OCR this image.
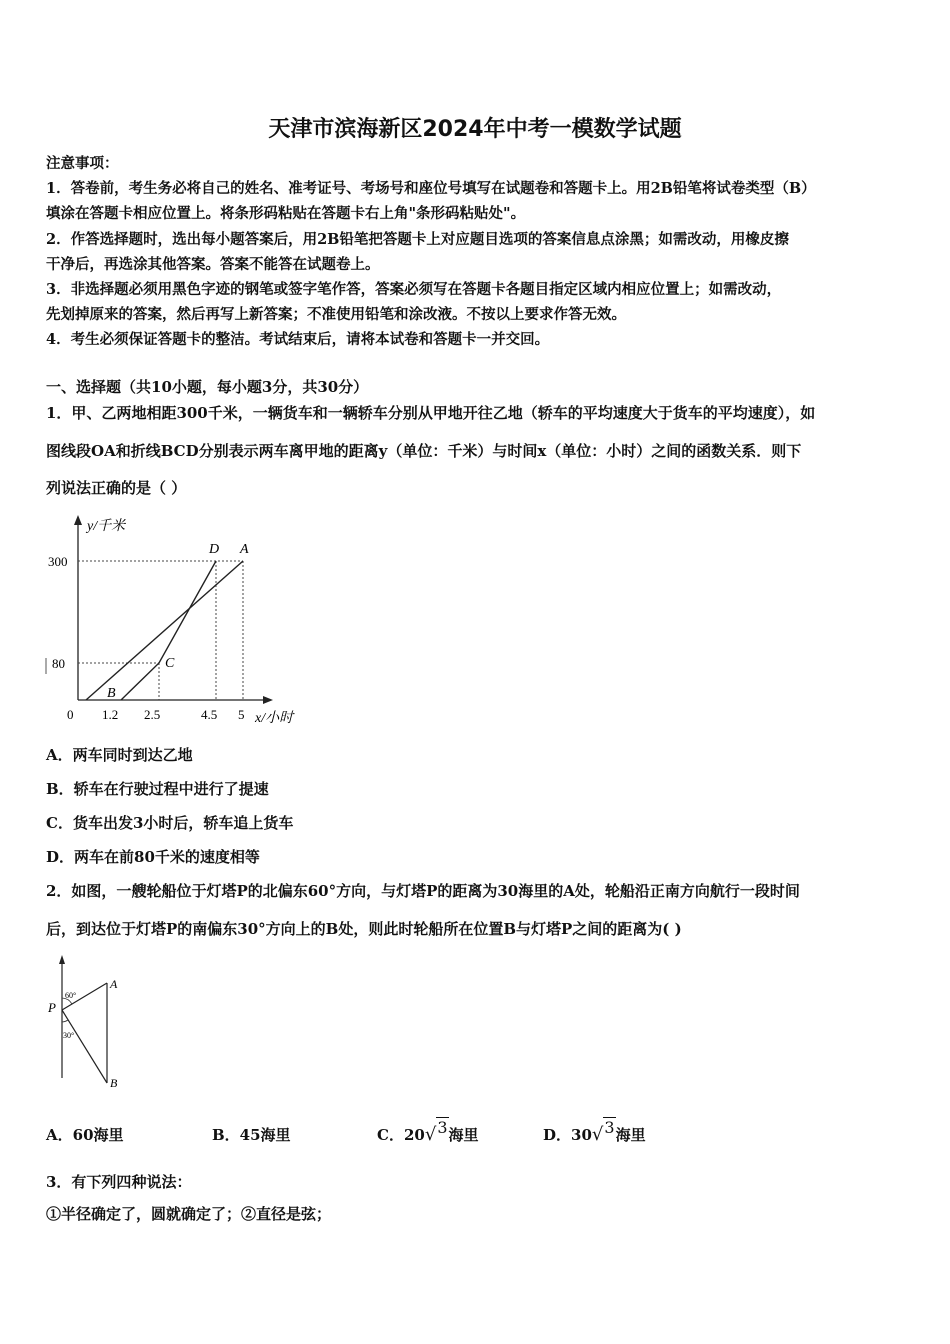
天津市滨海新区2024年中考一模数学试题
注意事项：
1．答卷前，考生务必将自己的姓名、准考证号、考场号和座位号填写在试题卷和答题卡上。用2B铅笔将试卷类型（B）
填涂在答题卡相应位置上。将条形码粘贴在答题卡右上角"条形码粘贴处"。
2．作答选择题时，选出每小题答案后，用2B铅笔把答题卡上对应题目选项的答案信息点涂黑；如需改动，用橡皮擦
干净后，再选涂其他答案。答案不能答在试题卷上。
3．非选择题必须用黑色字迹的钢笔或签字笔作答，答案必须写在答题卡各题目指定区域内相应位置上；如需改动，
先划掉原来的答案，然后再写上新答案；不准使用铅笔和涂改液。不按以上要求作答无效。
4．考生必须保证答题卡的整洁。考试结束后，请将本试卷和答题卡一并交回。
一、选择题（共10小题，每小题3分，共30分）
1．甲、乙两地相距300千米，一辆货车和一辆轿车分别从甲地开往乙地（轿车的平均速度大于货车的平均速度），如
图线段OA和折线BCD分别表示两车离甲地的距离y（单位：千米）与时间x（单位：小时）之间的函数关系．则下
列说法正确的是（ ）
y/千米
x/小时
0
300
80
1.2 2.5	4.5 5
D A
C
B
A．两车同时到达乙地
B．轿车在行驶过程中进行了提速
C．货车出发3小时后，轿车追上货车
D．两车在前80千米的速度相等
2．如图，一艘轮船位于灯塔P的北偏东60°方向，与灯塔P的距离为30海里的A处，轮船沿正南方向航行一段时间
后，到达位于灯塔P的南偏东30°方向上的B处，则此时轮船所在位置B与灯塔P之间的距离为( )
P
A
B
60°
30°
A．60海里	B．45海里	C．20√3海里	D．30√3海里
3．有下列四种说法：
①半径确定了，圆就确定了；②直径是弦；
